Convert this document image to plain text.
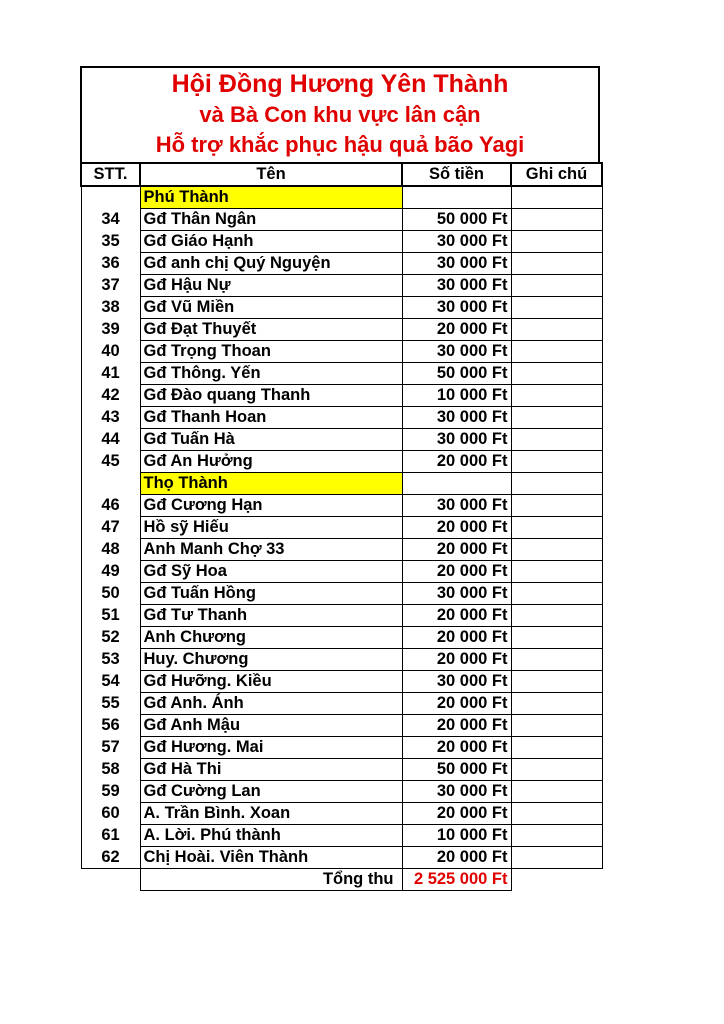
Hội Đồng Hương Yên Thành
và Bà Con khu vực lân cận
Hỗ trợ khắc phục hậu quả bão Yagi
STT.	Tên	Số tiền	Ghi chú
	Phú Thành		
34	Gđ Thân Ngân	50 000 Ft	
35	Gđ Giáo Hạnh	30 000 Ft	
36	Gđ anh chị Quý Nguyện	30 000 Ft	
37	Gđ Hậu Nự	30 000 Ft	
38	Gđ Vũ Miền	30 000 Ft	
39	Gđ Đạt Thuyết	20 000 Ft	
40	Gđ Trọng Thoan	30 000 Ft	
41	Gđ Thông. Yến	50 000 Ft	
42	Gđ Đào quang Thanh	10 000 Ft	
43	Gđ Thanh Hoan	30 000 Ft	
44	Gđ Tuấn Hà	30 000 Ft	
45	Gđ An Hưởng	20 000 Ft	
	Thọ Thành		
46	Gđ Cương Hạn	30 000 Ft	
47	Hồ sỹ Hiếu	20 000 Ft	
48	Anh Manh Chợ 33	20 000 Ft	
49	Gđ Sỹ Hoa	20 000 Ft	
50	Gđ Tuấn Hồng	30 000 Ft	
51	Gđ Tư Thanh	20 000 Ft	
52	Anh Chương	20 000 Ft	
53	Huy. Chương	20 000 Ft	
54	Gđ Hưỡng. Kiều	30 000 Ft	
55	Gđ Anh. Ánh	20 000 Ft	
56	Gđ Anh Mậu	20 000 Ft	
57	Gđ Hương. Mai	20 000 Ft	
58	Gđ Hà Thi	50 000 Ft	
59	Gđ Cường Lan	30 000 Ft	
60	A. Trần Bình. Xoan	20 000 Ft	
61	A. Lời. Phú thành	10 000 Ft	
62	Chị Hoài. Viên Thành	20 000 Ft	
	Tổng thu	2 525 000 Ft	
